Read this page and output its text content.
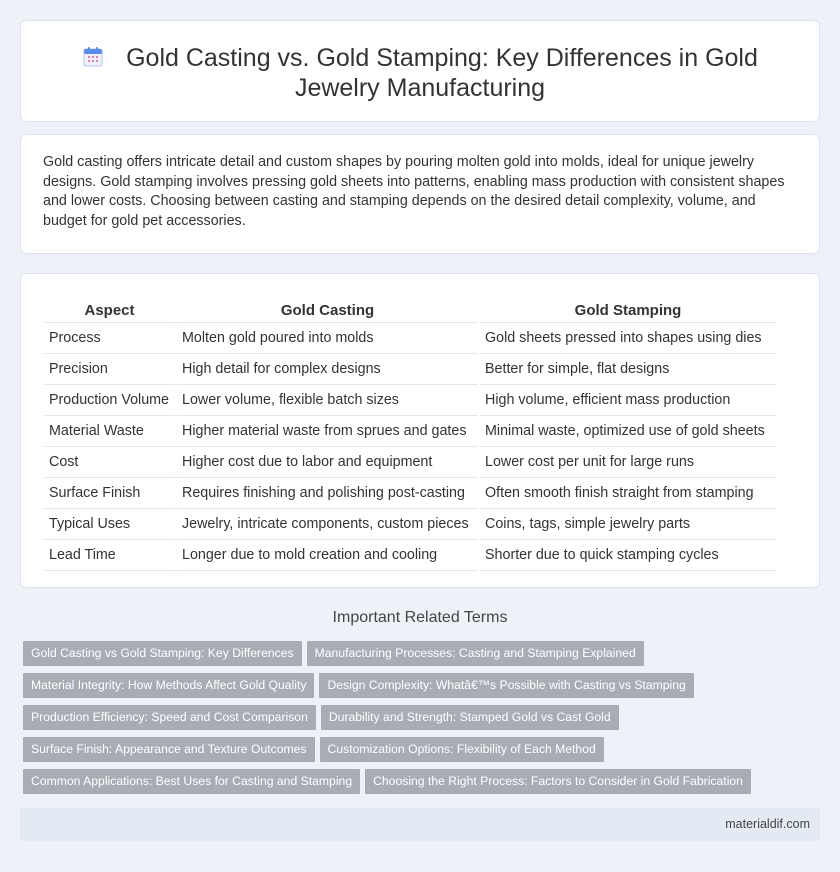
Gold Casting vs. Gold Stamping: Key Differences in Gold Jewelry Manufacturing

Gold casting offers intricate detail and custom shapes by pouring molten gold into molds, ideal for unique jewelry designs. Gold stamping involves pressing gold sheets into patterns, enabling mass production with consistent shapes and lower costs. Choosing between casting and stamping depends on the desired detail complexity, volume, and budget for gold pet accessories.

Aspect	Gold Casting	Gold Stamping
Process	Molten gold poured into molds	Gold sheets pressed into shapes using dies
Precision	High detail for complex designs	Better for simple, flat designs
Production Volume	Lower volume, flexible batch sizes	High volume, efficient mass production
Material Waste	Higher material waste from sprues and gates	Minimal waste, optimized use of gold sheets
Cost	Higher cost due to labor and equipment	Lower cost per unit for large runs
Surface Finish	Requires finishing and polishing post-casting	Often smooth finish straight from stamping
Typical Uses	Jewelry, intricate components, custom pieces	Coins, tags, simple jewelry parts
Lead Time	Longer due to mold creation and cooling	Shorter due to quick stamping cycles
Important Related Terms
Gold Casting vs Gold Stamping: Key Differences Manufacturing Processes: Casting and Stamping Explained
Material Integrity: How Methods Affect Gold Quality Design Complexity: Whatâ€™s Possible with Casting vs Stamping
Production Efficiency: Speed and Cost Comparison Durability and Strength: Stamped Gold vs Cast Gold
Surface Finish: Appearance and Texture Outcomes Customization Options: Flexibility of Each Method
Common Applications: Best Uses for Casting and Stamping Choosing the Right Process: Factors to Consider in Gold Fabrication
materialdif.com
